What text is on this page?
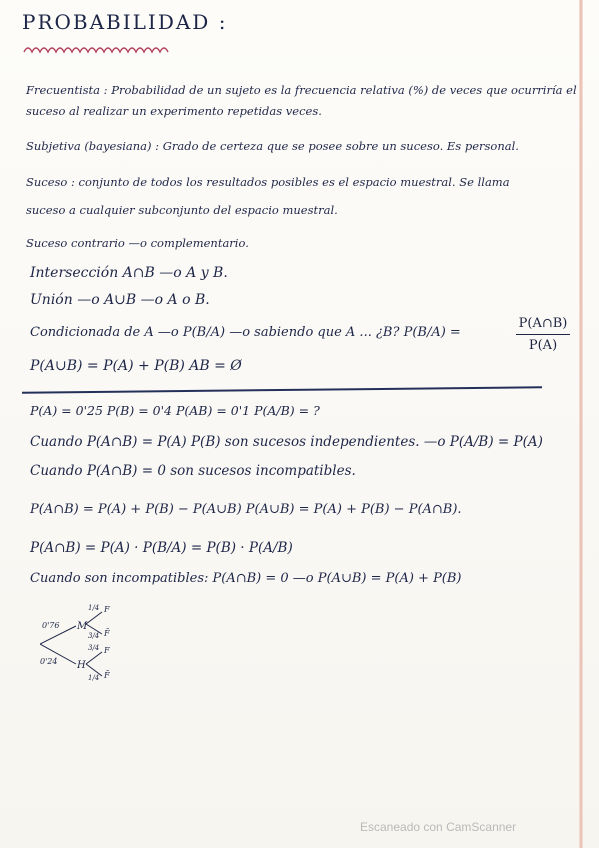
PROBABILIDAD :
Frecuentista : Probabilidad de un sujeto es la frecuencia relativa (%) de veces que ocurriría el
suceso al realizar un experimento repetidas veces.
Subjetiva (bayesiana) : Grado de certeza que se posee sobre un suceso. Es personal.
Suceso : conjunto de todos los resultados posibles es el espacio muestral. Se llama
suceso a cualquier subconjunto del espacio muestral.
Suceso contrario —o complementario.
Intersección A∩B —o A y B.
Unión —o A∪B —o A o B.
Condicionada de A —o P(B/A) —o sabiendo que A ... ¿B? P(B/A) =
P(A∩B)
P(A)
P(A∪B) = P(A) + P(B) AB = Ø
P(A) = 0'25 P(B) = 0'4 P(AB) = 0'1 P(A/B) = ?
Cuando P(A∩B) = P(A) P(B) son sucesos independientes. —o P(A/B) = P(A)
Cuando P(A∩B) = 0 son sucesos incompatibles.
P(A∩B) = P(A) + P(B) − P(A∪B) P(A∪B) = P(A) + P(B) − P(A∩B).
P(A∩B) = P(A) · P(B/A) = P(B) · P(A/B)
Cuando son incompatibles: P(A∩B) = 0 —o P(A∪B) = P(A) + P(B)
0'76 M
0'24 H
1/4 F
3/4 F̄
3/4 F
1/4 F̄
Escaneado con CamScanner
